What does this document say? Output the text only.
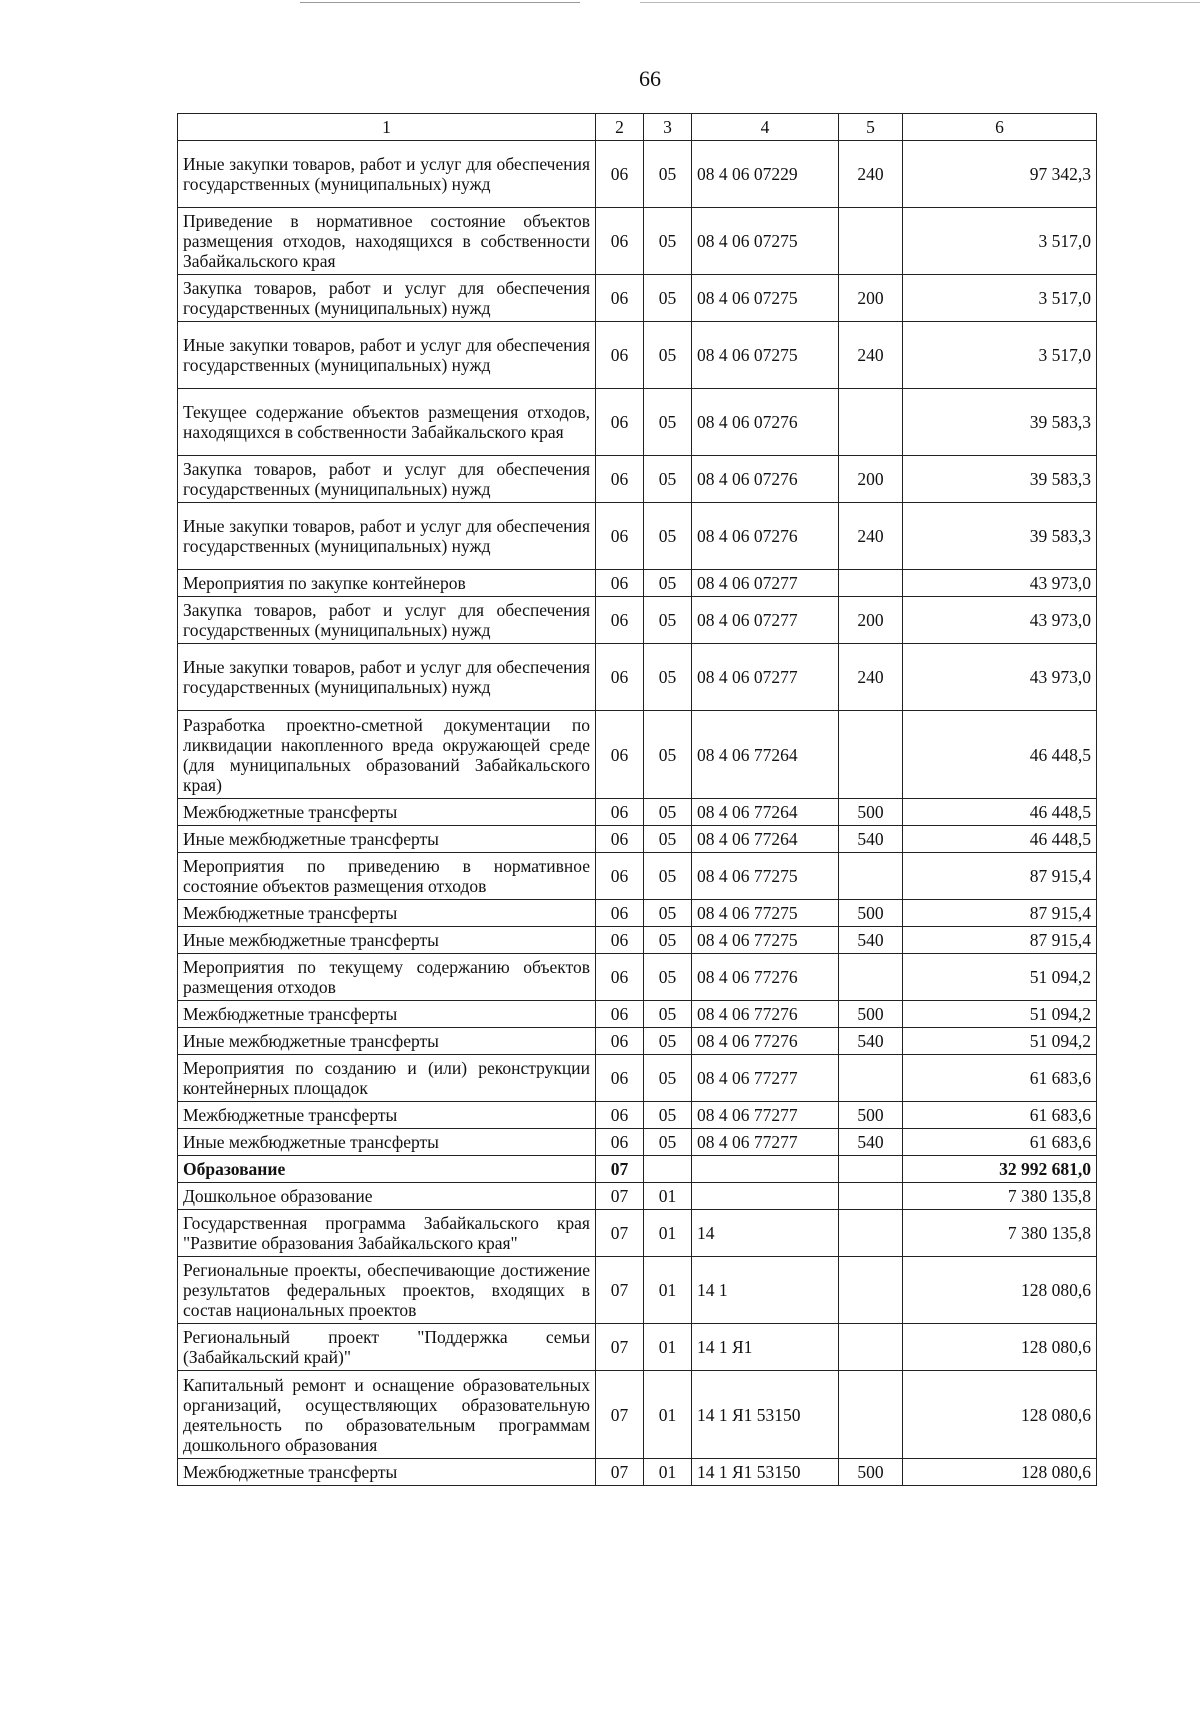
66
1	2	3	4	5	6
Иные закупки товаров, работ и услуг для обеспечения государственных (муниципальных) нужд	06	05	08 4 06 07229	240	97 342,3
Приведение в нормативное состояние объектов размещения отходов, находящихся в собственности Забайкальского края	06	05	08 4 06 07275		3 517,0
Закупка товаров, работ и услуг для обеспечения государственных (муниципальных) нужд	06	05	08 4 06 07275	200	3 517,0
Иные закупки товаров, работ и услуг для обеспечения государственных (муниципальных) нужд	06	05	08 4 06 07275	240	3 517,0
Текущее содержание объектов размещения отходов, находящихся в собственности Забайкальского края	06	05	08 4 06 07276		39 583,3
Закупка товаров, работ и услуг для обеспечения государственных (муниципальных) нужд	06	05	08 4 06 07276	200	39 583,3
Иные закупки товаров, работ и услуг для обеспечения государственных (муниципальных) нужд	06	05	08 4 06 07276	240	39 583,3
Мероприятия по закупке контейнеров	06	05	08 4 06 07277		43 973,0
Закупка товаров, работ и услуг для обеспечения государственных (муниципальных) нужд	06	05	08 4 06 07277	200	43 973,0
Иные закупки товаров, работ и услуг для обеспечения государственных (муниципальных) нужд	06	05	08 4 06 07277	240	43 973,0
Разработка проектно-сметной документации по ликвидации накопленного вреда окружающей среде (для муниципальных образований Забайкальского края)	06	05	08 4 06 77264		46 448,5
Межбюджетные трансферты	06	05	08 4 06 77264	500	46 448,5
Иные межбюджетные трансферты	06	05	08 4 06 77264	540	46 448,5
Мероприятия по приведению в нормативное состояние объектов размещения отходов	06	05	08 4 06 77275		87 915,4
Межбюджетные трансферты	06	05	08 4 06 77275	500	87 915,4
Иные межбюджетные трансферты	06	05	08 4 06 77275	540	87 915,4
Мероприятия по текущему содержанию объектов размещения отходов	06	05	08 4 06 77276		51 094,2
Межбюджетные трансферты	06	05	08 4 06 77276	500	51 094,2
Иные межбюджетные трансферты	06	05	08 4 06 77276	540	51 094,2
Мероприятия по созданию и (или) реконструкции контейнерных площадок	06	05	08 4 06 77277		61 683,6
Межбюджетные трансферты	06	05	08 4 06 77277	500	61 683,6
Иные межбюджетные трансферты	06	05	08 4 06 77277	540	61 683,6
Образование	07				32 992 681,0
Дошкольное образование	07	01			7 380 135,8
Государственная программа Забайкальского края "Развитие образования Забайкальского края"	07	01	14		7 380 135,8
Региональные проекты, обеспечивающие достижение результатов федеральных проектов, входящих в состав национальных проектов	07	01	14 1		128 080,6
Региональный проект "Поддержка семьи (Забайкальский край)"	07	01	14 1 Я1		128 080,6
Капитальный ремонт и оснащение образовательных организаций, осуществляющих образовательную деятельность по образовательным программам дошкольного образования	07	01	14 1 Я1 53150		128 080,6
Межбюджетные трансферты	07	01	14 1 Я1 53150	500	128 080,6
